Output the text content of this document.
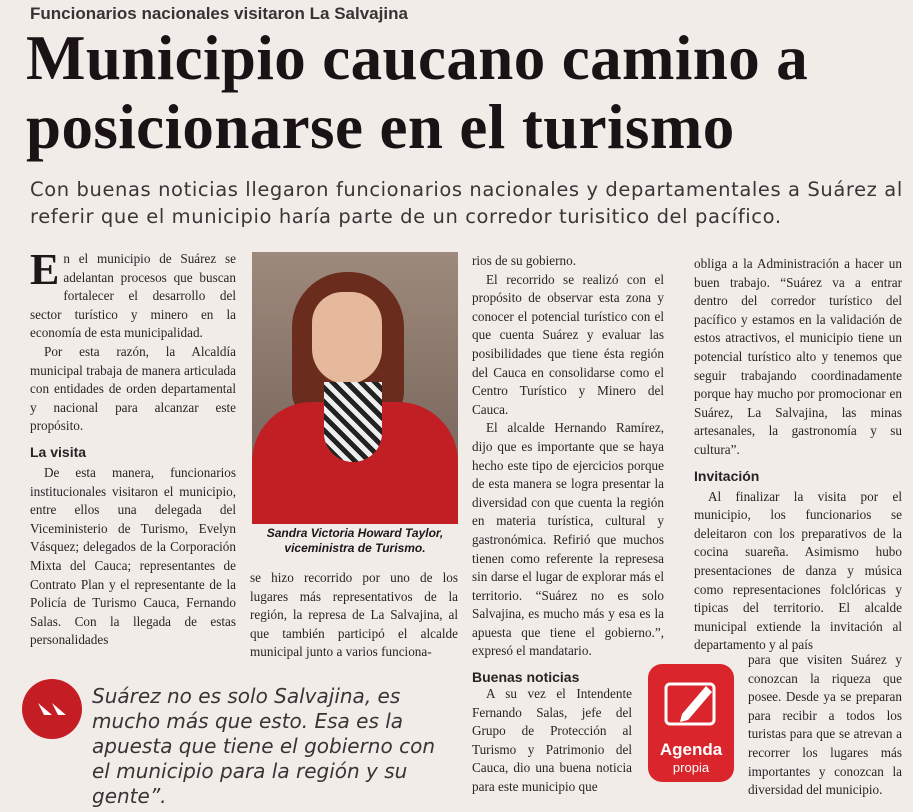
Funcionarios nacionales visitaron La Salvajina
Municipio caucano camino a posicionarse en el turismo
Con buenas noticias llegaron funcionarios nacionales y departamentales a Suárez al referir que el municipio haría parte de un corredor turisitico del pacífico.
E n el municipio de Suárez se adelantan procesos que buscan fortalecer el desarrollo del sector turístico y minero en la economía de esta municipalidad.

Por esta razón, la Alcaldía municipal trabaja de manera articulada con entidades de orden departamental y nacional para alcanzar este propósito.

La visita

De esta manera, funcionarios institucionales visitaron el municipio, entre ellos una delegada del Viceministerio de Turismo, Evelyn Vásquez; delegados de la Corporación Mixta del Cauca; representantes de Contrato Plan y el representante de la Policía de Turismo Cauca, Fernando Salas. Con la llegada de estas personalidades

Sandra Victoria Howard Taylor,
viceministra de Turismo.

se hizo recorrido por uno de los lugares más representativos de la región, la represa de La Salvajina, al que también participó el alcalde municipal junto a varios funciona-

rios de su gobierno.

El recorrido se realizó con el propósito de observar esta zona y conocer el potencial turístico con el que cuenta Suárez y evaluar las posibilidades que tiene ésta región del Cauca en consolidarse como el Centro Turístico y Minero del Cauca.

El alcalde Hernando Ramírez, dijo que es importante que se haya hecho este tipo de ejercicios porque de esta manera se logra presentar la diversidad con que cuenta la región en materia turística, cultural y gastronómica. Refirió que muchos tienen como referente la represesa sin darse el lugar de explorar más el territorio. “Suárez no es solo Salvajina, es mucho más y esa es la apuesta que tiene el gobierno.”, expresó el mandatario.

Buenas noticias

A su vez el Intendente Fernando Salas, jefe del Grupo de Protección al Turismo y Patrimonio del Cauca, dio una buena noticia para este municipio que

obliga a la Administración a hacer un buen trabajo. “Suárez va a entrar dentro del corredor turístico del pacífico y estamos en la validación de estos atractivos, el municipio tiene un potencial turístico alto y tenemos que seguir trabajando coordinadamente porque hay mucho por promocionar en Suárez, La Salvajina, las minas artesanales, la gastronomía y su cultura”.

Invitación

Al finalizar la visita por el municipio, los funcionarios se deleitaron con los preparativos de la cocina suareña. Asimismo hubo presentaciones de danza y música como representaciones folclóricas y tipicas del territorio. El alcalde municipal extiende la invitación al departamento y al país

para que visiten Suárez y conozcan la riqueza que posee. Desde ya se preparan para recibir a todos los turistas para que se atrevan a recorrer los lugares más importantes y conozcan la diversidad del municipio.

Suárez no es solo Salvajina, es mucho más que esto. Esa es la apuesta que tiene el gobierno con el municipio para la región y su gente”.
Agenda
propia
